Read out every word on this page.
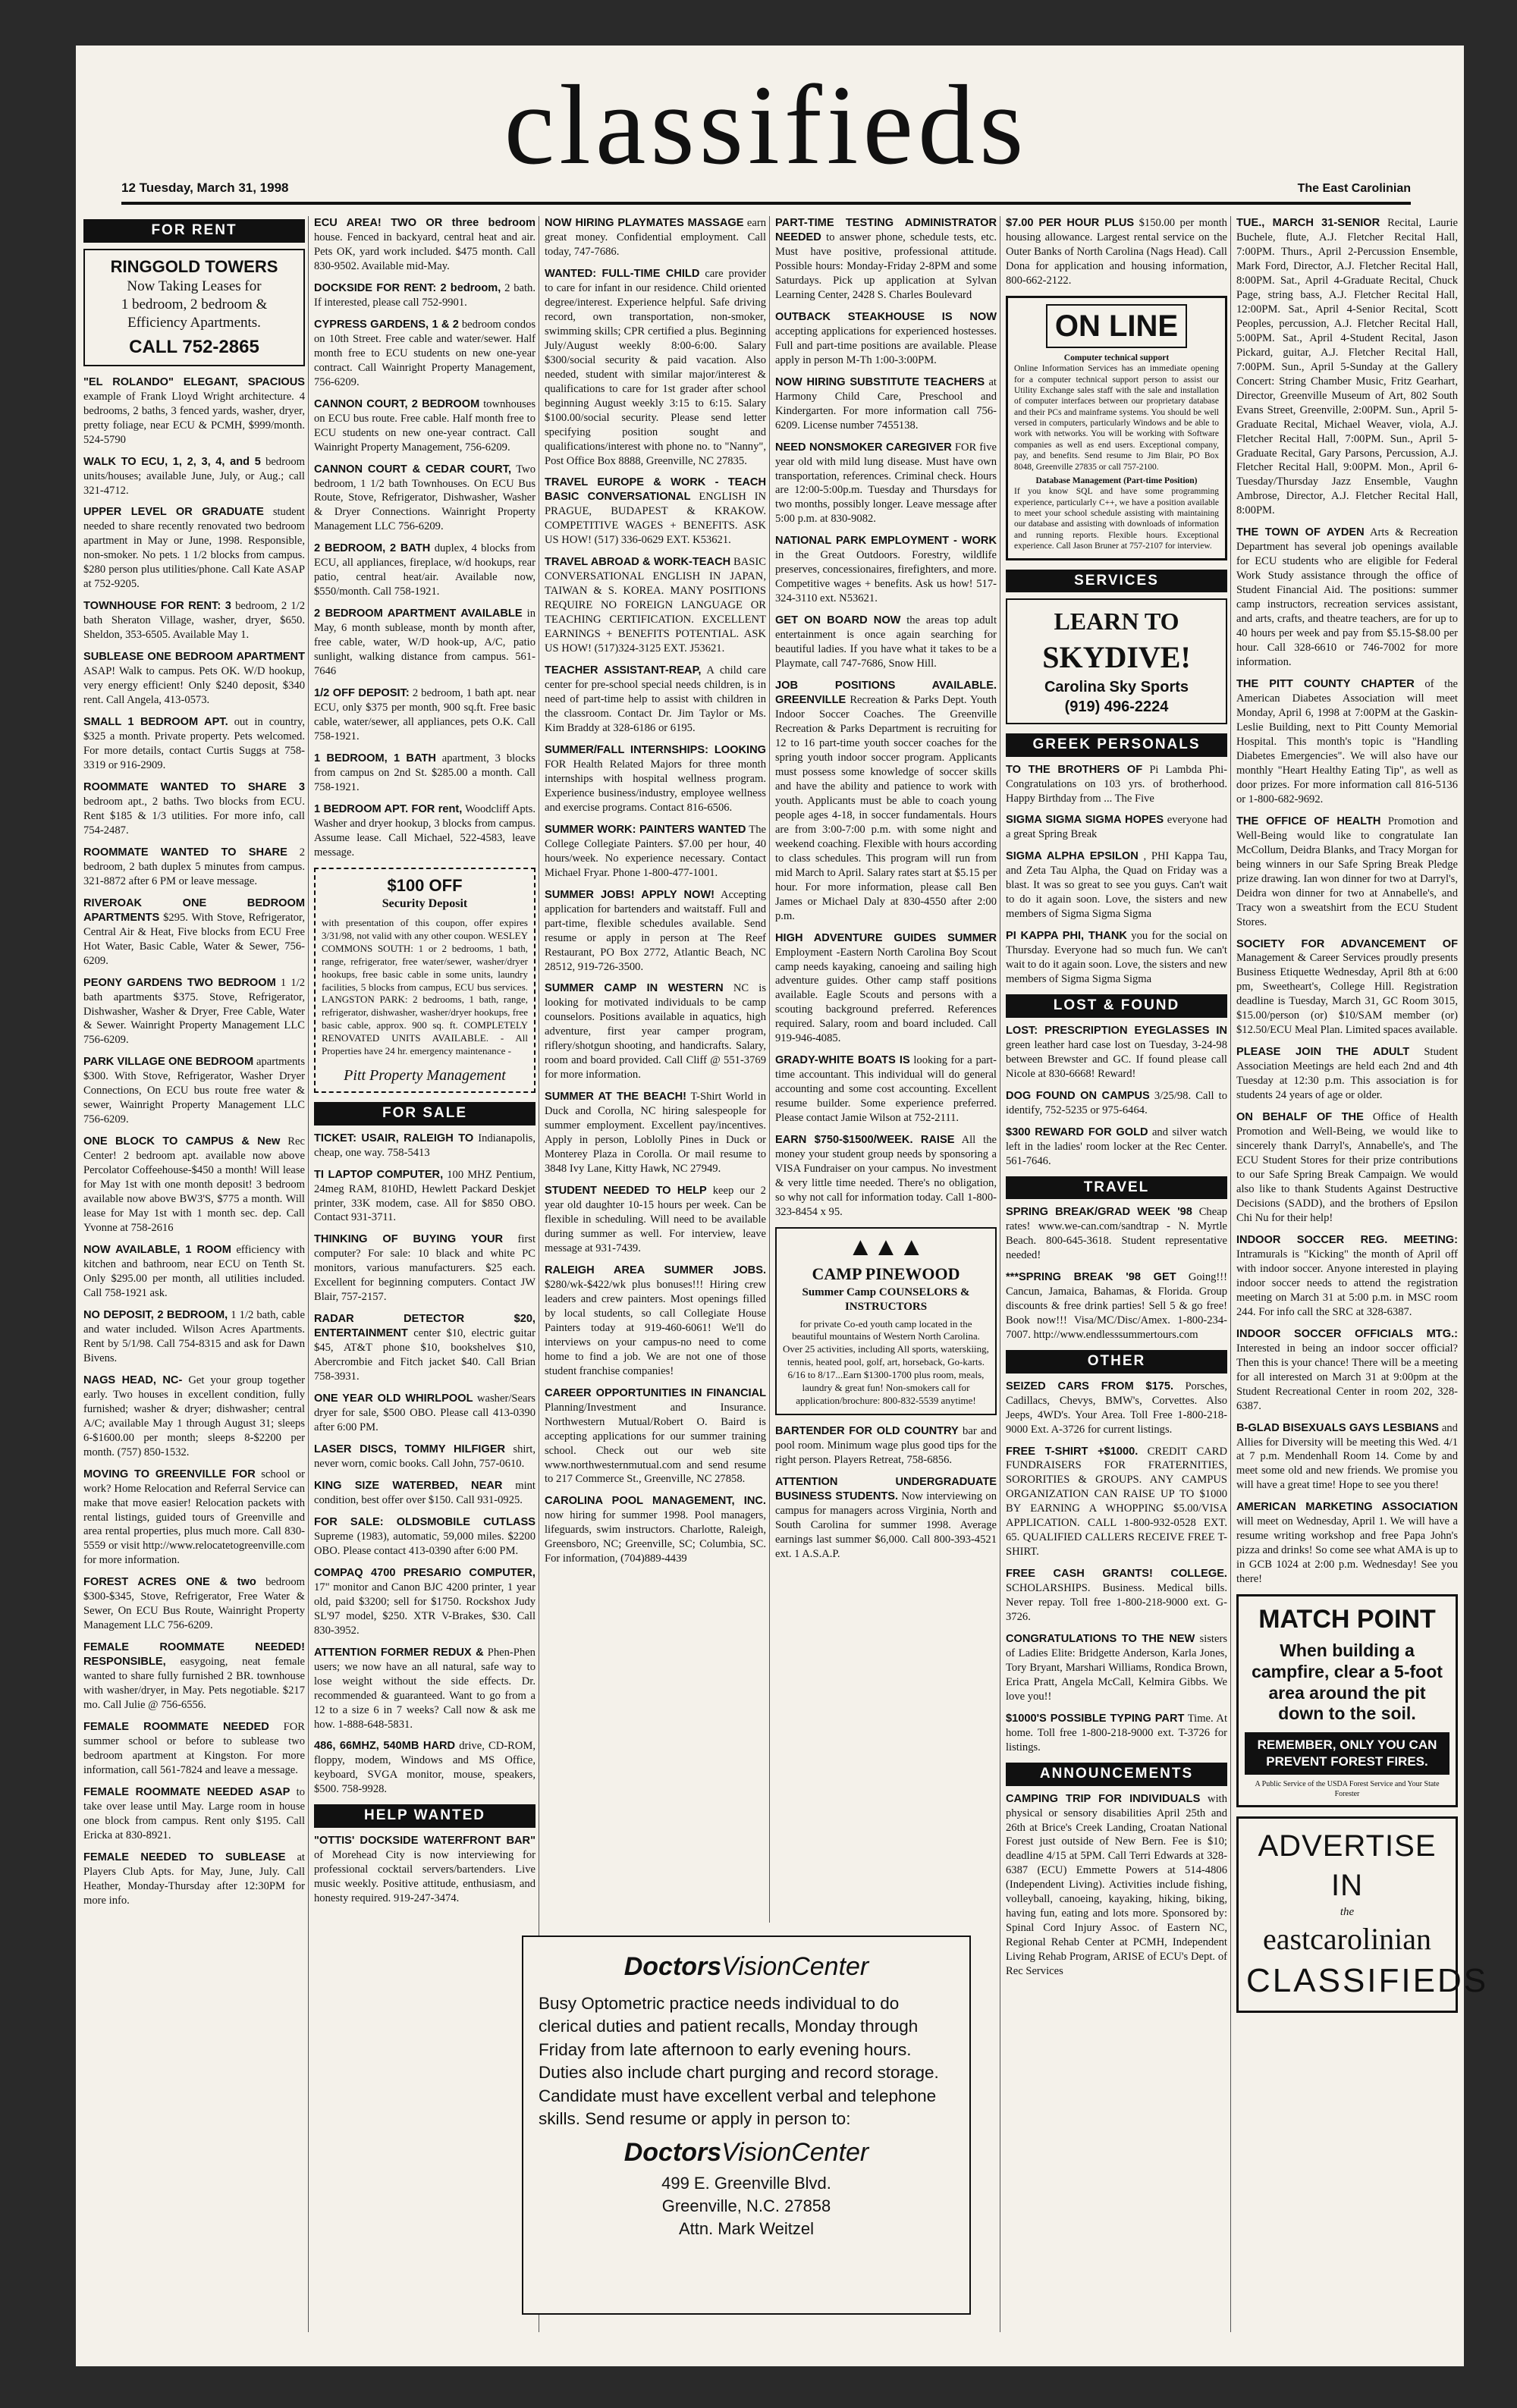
classifieds
12 Tuesday, March 31, 1998	The East Carolinian
FOR RENT
RINGGOLD TOWERS
Now Taking Leases for
1 bedroom, 2 bedroom &
Efficiency Apartments.
CALL 752-2865

"EL ROLANDO" ELEGANT, SPACIOUS example of Frank Lloyd Wright architecture. 4 bedrooms, 2 baths, 3 fenced yards, washer, dryer, pretty foliage, near ECU & PCMH, $999/month. 524-5790

WALK TO ECU, 1, 2, 3, 4, and 5 bedroom units/houses; available June, July, or Aug.; call 321-4712.

UPPER LEVEL OR GRADUATE student needed to share recently renovated two bedroom apartment in May or June, 1998. Responsible, non-smoker. No pets. 1 1/2 blocks from campus. $280 person plus utilities/phone. Call Kate ASAP at 752-9205.

TOWNHOUSE FOR RENT: 3 bedroom, 2 1/2 bath Sheraton Village, washer, dryer, $650. Sheldon, 353-6505. Available May 1.

SUBLEASE ONE BEDROOM APARTMENT ASAP! Walk to campus. Pets OK. W/D hookup, very energy efficient! Only $240 deposit, $340 rent. Call Angela, 413-0573.

SMALL 1 BEDROOM APT. out in country, $325 a month. Private property. Pets welcomed. For more details, contact Curtis Suggs at 758-3319 or 916-2909.

ROOMMATE WANTED TO SHARE 3 bedroom apt., 2 baths. Two blocks from ECU. Rent $185 & 1/3 utilities. For more info, call 754-2487.

ROOMMATE WANTED TO SHARE 2 bedroom, 2 bath duplex 5 minutes from campus. 321-8872 after 6 PM or leave message.

RIVEROAK ONE BEDROOM APARTMENTS $295. With Stove, Refrigerator, Central Air & Heat, Five blocks from ECU Free Hot Water, Basic Cable, Water & Sewer, 756-6209.

PEONY GARDENS TWO BEDROOM 1 1/2 bath apartments $375. Stove, Refrigerator, Dishwasher, Washer & Dryer, Free Cable, Water & Sewer. Wainright Property Management LLC 756-6209.

PARK VILLAGE ONE BEDROOM apartments $300. With Stove, Refrigerator, Washer Dryer Connections, On ECU bus route free water & sewer, Wainright Property Management LLC 756-6209.

ONE BLOCK TO CAMPUS & New Rec Center! 2 bedroom apt. available now above Percolator Coffeehouse-$450 a month! Will lease for May 1st with one month deposit! 3 bedroom available now above BW3'S, $775 a month. Will lease for May 1st with 1 month sec. dep. Call Yvonne at 758-2616

NOW AVAILABLE, 1 ROOM efficiency with kitchen and bathroom, near ECU on Tenth St. Only $295.00 per month, all utilities included. Call 758-1921 ask.

NO DEPOSIT, 2 BEDROOM, 1 1/2 bath, cable and water included. Wilson Acres Apartments. Rent by 5/1/98. Call 754-8315 and ask for Dawn Bivens.

NAGS HEAD, NC- Get your group together early. Two houses in excellent condition, fully furnished; washer & dryer; dishwasher; central A/C; available May 1 through August 31; sleeps 6-$1600.00 per month; sleeps 8-$2200 per month. (757) 850-1532.

MOVING TO GREENVILLE FOR school or work? Home Relocation and Referral Service can make that move easier! Relocation packets with rental listings, guided tours of Greenville and area rental properties, plus much more. Call 830-5559 or visit http://www.relocatetogreenville.com for more information.

FOREST ACRES ONE & two bedroom $300-$345, Stove, Refrigerator, Free Water & Sewer, On ECU Bus Route, Wainright Property Management LLC 756-6209.

FEMALE ROOMMATE NEEDED! RESPONSIBLE, easygoing, neat female wanted to share fully furnished 2 BR. townhouse with washer/dryer, in May. Pets negotiable. $217 mo. Call Julie @ 756-6556.

FEMALE ROOMMATE NEEDED FOR summer school or before to sublease two bedroom apartment at Kingston. For more information, call 561-7824 and leave a message.

FEMALE ROOMMATE NEEDED ASAP to take over lease until May. Large room in house one block from campus. Rent only $195. Call Ericka at 830-8921.

FEMALE NEEDED TO SUBLEASE at Players Club Apts. for May, June, July. Call Heather, Monday-Thursday after 12:30PM for more info.

ECU AREA! TWO OR three bedroom house. Fenced in backyard, central heat and air. Pets OK, yard work included. $475 month. Call 830-9502. Available mid-May.

DOCKSIDE FOR RENT: 2 bedroom, 2 bath. If interested, please call 752-9901.

CYPRESS GARDENS, 1 & 2 bedroom condos on 10th Street. Free cable and water/sewer. Half month free to ECU students on new one-year contract. Call Wainright Property Management, 756-6209.

CANNON COURT, 2 BEDROOM townhouses on ECU bus route. Free cable. Half month free to ECU students on new one-year contract. Call Wainright Property Management, 756-6209.

CANNON COURT & CEDAR COURT, Two bedroom, 1 1/2 bath Townhouses. On ECU Bus Route, Stove, Refrigerator, Dishwasher, Washer & Dryer Connections. Wainright Property Management LLC 756-6209.

2 BEDROOM, 2 BATH duplex, 4 blocks from ECU, all appliances, fireplace, w/d hookups, rear patio, central heat/air. Available now, $550/month. Call 758-1921.

2 BEDROOM APARTMENT AVAILABLE in May, 6 month sublease, month by month after, free cable, water, W/D hook-up, A/C, patio sunlight, walking distance from campus. 561-7646

1/2 OFF DEPOSIT: 2 bedroom, 1 bath apt. near ECU, only $375 per month, 900 sq.ft. Free basic cable, water/sewer, all appliances, pets O.K. Call 758-1921.

1 BEDROOM, 1 BATH apartment, 3 blocks from campus on 2nd St. $285.00 a month. Call 758-1921.

1 BEDROOM APT. FOR rent, Woodcliff Apts. Washer and dryer hookup, 3 blocks from campus. Assume lease. Call Michael, 522-4583, leave message.

$100 OFF
Security Deposit
with presentation of this coupon, offer expires 3/31/98, not valid with any other coupon. WESLEY COMMONS SOUTH: 1 or 2 bedrooms, 1 bath, range, refrigerator, free water/sewer, washer/dryer hookups, free basic cable in some units, laundry facilities, 5 blocks from campus, ECU bus services. LANGSTON PARK: 2 bedrooms, 1 bath, range, refrigerator, dishwasher, washer/dryer hookups, free basic cable, approx. 900 sq. ft. COMPLETELY RENOVATED UNITS AVAILABLE. - All Properties have 24 hr. emergency maintenance -
Pitt Property Management
FOR SALE

TICKET: USAIR, RALEIGH TO Indianapolis, cheap, one way. 758-5413

TI LAPTOP COMPUTER, 100 MHZ Pentium, 24meg RAM, 810HD, Hewlett Packard Deskjet printer, 33K modem, case. All for $850 OBO. Contact 931-3711.

THINKING OF BUYING YOUR first computer? For sale: 10 black and white PC monitors, various manufacturers. $25 each. Excellent for beginning computers. Contact JW Blair, 757-2157.

RADAR DETECTOR $20, ENTERTAINMENT center $10, electric guitar $45, AT&T phone $10, bookshelves $10, Abercrombie and Fitch jacket $40. Call Brian 758-3931.

ONE YEAR OLD WHIRLPOOL washer/Sears dryer for sale, $500 OBO. Please call 413-0390 after 6:00 PM.

LASER DISCS, TOMMY HILFIGER shirt, never worn, comic books. Call John, 757-0610.

KING SIZE WATERBED, NEAR mint condition, best offer over $150. Call 931-0925.

FOR SALE: OLDSMOBILE CUTLASS Supreme (1983), automatic, 59,000 miles. $2200 OBO. Please contact 413-0390 after 6:00 PM.

COMPAQ 4700 PRESARIO COMPUTER, 17" monitor and Canon BJC 4200 printer, 1 year old, paid $3200; sell for $1750. Rockshox Judy SL'97 model, $250. XTR V-Brakes, $30. Call 830-3952.

ATTENTION FORMER REDUX & Phen-Phen users; we now have an all natural, safe way to lose weight without the side effects. Dr. recommended & guaranteed. Want to go from a 12 to a size 6 in 7 weeks? Call now & ask me how. 1-888-648-5831.

486, 66MHZ, 540MB HARD drive, CD-ROM, floppy, modem, Windows and MS Office, keyboard, SVGA monitor, mouse, speakers, $500. 758-9928.

HELP WANTED

"OTTIS' DOCKSIDE WATERFRONT BAR" of Morehead City is now interviewing for professional cocktail servers/bartenders. Live music weekly. Positive attitude, enthusiasm, and honesty required. 919-247-3474.

NOW HIRING PLAYMATES MASSAGE earn great money. Confidential employment. Call today, 747-7686.

WANTED: FULL-TIME CHILD care provider to care for infant in our residence. Child oriented degree/interest. Experience helpful. Safe driving record, own transportation, non-smoker, swimming skills; CPR certified a plus. Beginning July/August weekly 8:00-6:00. Salary $300/social security & paid vacation. Also needed, student with similar major/interest & qualifications to care for 1st grader after school beginning August weekly 3:15 to 6:15. Salary $100.00/social security. Please send letter specifying position sought and qualifications/interest with phone no. to "Nanny", Post Office Box 8888, Greenville, NC 27835.

TRAVEL EUROPE & WORK - TEACH BASIC CONVERSATIONAL ENGLISH IN PRAGUE, BUDAPEST & KRAKOW. COMPETITIVE WAGES + BENEFITS. ASK US HOW! (517) 336-0629 EXT. K53621.

TRAVEL ABROAD & WORK-TEACH BASIC CONVERSATIONAL ENGLISH IN JAPAN, TAIWAN & S. KOREA. MANY POSITIONS REQUIRE NO FOREIGN LANGUAGE OR TEACHING CERTIFICATION. EXCELLENT EARNINGS + BENEFITS POTENTIAL. ASK US HOW! (517)324-3125 EXT. J53621.

TEACHER ASSISTANT-REAP, A child care center for pre-school special needs children, is in need of part-time help to assist with children in the classroom. Contact Dr. Jim Taylor or Ms. Kim Braddy at 328-6186 or 6195.

SUMMER/FALL INTERNSHIPS: LOOKING FOR Health Related Majors for three month internships with hospital wellness program. Experience business/industry, employee wellness and exercise programs. Contact 816-6506.

SUMMER WORK: PAINTERS WANTED The College Collegiate Painters. $7.00 per hour, 40 hours/week. No experience necessary. Contact Michael Fryar. Phone 1-800-477-1001.

SUMMER JOBS! APPLY NOW! Accepting application for bartenders and waitstaff. Full and part-time, flexible schedules available. Send resume or apply in person at The Reef Restaurant, PO Box 2772, Atlantic Beach, NC 28512, 919-726-3500.

SUMMER CAMP IN WESTERN NC is looking for motivated individuals to be camp counselors. Positions available in aquatics, high adventure, first year camper program, riflery/shotgun shooting, and handicrafts. Salary, room and board provided. Call Cliff @ 551-3769 for more information.

SUMMER AT THE BEACH! T-Shirt World in Duck and Corolla, NC hiring salespeople for summer employment. Excellent pay/incentives. Apply in person, Loblolly Pines in Duck or Monterey Plaza in Corolla. Or mail resume to 3848 Ivy Lane, Kitty Hawk, NC 27949.

STUDENT NEEDED TO HELP keep our 2 year old daughter 10-15 hours per week. Can be flexible in scheduling. Will need to be available during summer as well. For interview, leave message at 931-7439.

RALEIGH AREA SUMMER JOBS. $280/wk-$422/wk plus bonuses!!! Hiring crew leaders and crew painters. Most openings filled by local students, so call Collegiate House Painters today at 919-460-6061! We'll do interviews on your campus-no need to come home to find a job. We are not one of those student franchise companies!

CAREER OPPORTUNITIES IN FINANCIAL Planning/Investment and Insurance. Northwestern Mutual/Robert O. Baird is accepting applications for our summer training school. Check out our web site www.northwesternmutual.com and send resume to 217 Commerce St., Greenville, NC 27858.

CAROLINA POOL MANAGEMENT, INC. now hiring for summer 1998. Pool managers, lifeguards, swim instructors. Charlotte, Raleigh, Greensboro, NC; Greenville, SC; Columbia, SC. For information, (704)889-4439

PART-TIME TESTING ADMINISTRATOR NEEDED to answer phone, schedule tests, etc. Must have positive, professional attitude. Possible hours: Monday-Friday 2-8PM and some Saturdays. Pick up application at Sylvan Learning Center, 2428 S. Charles Boulevard

OUTBACK STEAKHOUSE IS NOW accepting applications for experienced hostesses. Full and part-time positions are available. Please apply in person M-Th 1:00-3:00PM.

NOW HIRING SUBSTITUTE TEACHERS at Harmony Child Care, Preschool and Kindergarten. For more information call 756-6209. License number 7455138.

NEED NONSMOKER CAREGIVER FOR five year old with mild lung disease. Must have own transportation, references. Criminal check. Hours are 12:00-5:00p.m. Tuesday and Thursdays for two months, possibly longer. Leave message after 5:00 p.m. at 830-9082.

NATIONAL PARK EMPLOYMENT - WORK in the Great Outdoors. Forestry, wildlife preserves, concessionaires, firefighters, and more. Competitive wages + benefits. Ask us how! 517-324-3110 ext. N53621.

GET ON BOARD NOW the areas top adult entertainment is once again searching for beautiful ladies. If you have what it takes to be a Playmate, call 747-7686, Snow Hill.

JOB POSITIONS AVAILABLE. GREENVILLE Recreation & Parks Dept. Youth Indoor Soccer Coaches. The Greenville Recreation & Parks Department is recruiting for 12 to 16 part-time youth soccer coaches for the spring youth indoor soccer program. Applicants must possess some knowledge of soccer skills and have the ability and patience to work with youth. Applicants must be able to coach young people ages 4-18, in soccer fundamentals. Hours are from 3:00-7:00 p.m. with some night and weekend coaching. Flexible with hours according to class schedules. This program will run from mid March to April. Salary rates start at $5.15 per hour. For more information, please call Ben James or Michael Daly at 830-4550 after 2:00 p.m.

HIGH ADVENTURE GUIDES SUMMER Employment -Eastern North Carolina Boy Scout camp needs kayaking, canoeing and sailing high adventure guides. Other camp staff positions available. Eagle Scouts and persons with a scouting background preferred. References required. Salary, room and board included. Call 919-946-4085.

GRADY-WHITE BOATS IS looking for a part-time accountant. This individual will do general accounting and some cost accounting. Excellent resume builder. Some experience preferred. Please contact Jamie Wilson at 752-2111.

EARN $750-$1500/WEEK. RAISE All the money your student group needs by sponsoring a VISA Fundraiser on your campus. No investment & very little time needed. There's no obligation, so why not call for information today. Call 1-800-323-8454 x 95.

▲▲▲
CAMP PINEWOOD
Summer Camp COUNSELORS & INSTRUCTORS
for private Co-ed youth camp located in the beautiful mountains of Western North Carolina. Over 25 activities, including All sports, waterskiing, tennis, heated pool, golf, art, horseback, Go-karts. 6/16 to 8/17...Earn $1300-1700 plus room, meals, laundry & great fun! Non-smokers call for application/brochure: 800-832-5539 anytime!

BARTENDER FOR OLD COUNTRY bar and pool room. Minimum wage plus good tips for the right person. Players Retreat, 758-6856.

ATTENTION UNDERGRADUATE BUSINESS STUDENTS. Now interviewing on campus for managers across Virginia, North and South Carolina for summer 1998. Average earnings last summer $6,000. Call 800-393-4521 ext. 1 A.S.A.P.

$7.00 PER HOUR PLUS $150.00 per month housing allowance. Largest rental service on the Outer Banks of North Carolina (Nags Head). Call Dona for application and housing information, 800-662-2122.

ON LINE
Computer technical support
Online Information Services has an immediate opening for a computer technical support person to assist our Utility Exchange sales staff with the sale and installation of computer interfaces between our proprietary database and their PCs and mainframe systems. You should be well versed in computers, particularly Windows and be able to work with networks. You will be working with Software companies as well as end users. Exceptional company, pay, and benefits. Send resume to Jim Blair, PO Box 8048, Greenville 27835 or call 757-2100.
Database Management (Part-time Position)
If you know SQL and have some programming experience, particularly C++, we have a position available to meet your school schedule assisting with maintaining our database and assisting with downloads of information and running reports. Flexible hours. Exceptional experience. Call Jason Bruner at 757-2107 for interview.
SERVICES
LEARN TO
SKYDIVE!
Carolina Sky Sports
(919) 496-2224
GREEK PERSONALS

TO THE BROTHERS OF Pi Lambda Phi- Congratulations on 103 yrs. of brotherhood. Happy Birthday from ... The Five

SIGMA SIGMA SIGMA HOPES everyone had a great Spring Break

SIGMA ALPHA EPSILON , PHI Kappa Tau, and Zeta Tau Alpha, the Quad on Friday was a blast. It was so great to see you guys. Can't wait to do it again soon. Love, the sisters and new members of Sigma Sigma Sigma

PI KAPPA PHI, THANK you for the social on Thursday. Everyone had so much fun. We can't wait to do it again soon. Love, the sisters and new members of Sigma Sigma Sigma

LOST & FOUND

LOST: PRESCRIPTION EYEGLASSES IN green leather hard case lost on Tuesday, 3-24-98 between Brewster and GC. If found please call Nicole at 830-6668! Reward!

DOG FOUND ON CAMPUS 3/25/98. Call to identify, 752-5235 or 975-6464.

$300 REWARD FOR GOLD and silver watch left in the ladies' room locker at the Rec Center. 561-7646.

TRAVEL

SPRING BREAK/GRAD WEEK '98 Cheap rates! www.we-can.com/sandtrap - N. Myrtle Beach. 800-645-3618. Student representative needed!

***SPRING BREAK '98 GET Going!!! Cancun, Jamaica, Bahamas, & Florida. Group discounts & free drink parties! Sell 5 & go free! Book now!!! Visa/MC/Disc/Amex. 1-800-234-7007. http://www.endlesssummertours.com

OTHER

SEIZED CARS FROM $175. Porsches, Cadillacs, Chevys, BMW's, Corvettes. Also Jeeps, 4WD's. Your Area. Toll Free 1-800-218-9000 Ext. A-3726 for current listings.

FREE T-SHIRT +$1000. CREDIT CARD FUNDRAISERS FOR FRATERNITIES, SORORITIES & GROUPS. ANY CAMPUS ORGANIZATION CAN RAISE UP TO $1000 BY EARNING A WHOPPING $5.00/VISA APPLICATION. CALL 1-800-932-0528 EXT. 65. QUALIFIED CALLERS RECEIVE FREE T-SHIRT.

FREE CASH GRANTS! COLLEGE. SCHOLARSHIPS. Business. Medical bills. Never repay. Toll free 1-800-218-9000 ext. G-3726.

CONGRATULATIONS TO THE NEW sisters of Ladies Elite: Bridgette Anderson, Karla Jones, Tory Bryant, Marshari Williams, Rondica Brown, Erica Pratt, Angela McCall, Kelmira Gibbs. We love you!!

$1000'S POSSIBLE TYPING PART Time. At home. Toll free 1-800-218-9000 ext. T-3726 for listings.

ANNOUNCEMENTS

CAMPING TRIP FOR INDIVIDUALS with physical or sensory disabilities April 25th and 26th at Brice's Creek Landing, Croatan National Forest just outside of New Bern. Fee is $10; deadline 4/15 at 5PM. Call Terri Edwards at 328-6387 (ECU) Emmette Powers at 514-4806 (Independent Living). Activities include fishing, volleyball, canoeing, kayaking, hiking, biking, having fun, eating and lots more. Sponsored by: Spinal Cord Injury Assoc. of Eastern NC, Regional Rehab Center at PCMH, Independent Living Rehab Program, ARISE of ECU's Dept. of Rec Services

TUE., MARCH 31-SENIOR Recital, Laurie Buchele, flute, A.J. Fletcher Recital Hall, 7:00PM. Thurs., April 2-Percussion Ensemble, Mark Ford, Director, A.J. Fletcher Recital Hall, 8:00PM. Sat., April 4-Graduate Recital, Chuck Page, string bass, A.J. Fletcher Recital Hall, 12:00PM. Sat., April 4-Senior Recital, Scott Peoples, percussion, A.J. Fletcher Recital Hall, 5:00PM. Sat., April 4-Student Recital, Jason Pickard, guitar, A.J. Fletcher Recital Hall, 7:00PM. Sun., April 5-Sunday at the Gallery Concert: String Chamber Music, Fritz Gearhart, Director, Greenville Museum of Art, 802 South Evans Street, Greenville, 2:00PM. Sun., April 5-Graduate Recital, Michael Weaver, viola, A.J. Fletcher Recital Hall, 7:00PM. Sun., April 5-Graduate Recital, Gary Parsons, Percussion, A.J. Fletcher Recital Hall, 9:00PM. Mon., April 6-Tuesday/Thursday Jazz Ensemble, Vaughn Ambrose, Director, A.J. Fletcher Recital Hall, 8:00PM.

THE TOWN OF AYDEN Arts & Recreation Department has several job openings available for ECU students who are eligible for Federal Work Study assistance through the office of Student Financial Aid. The positions: summer camp instructors, recreation services assistant, and arts, crafts, and theatre teachers, are for up to 40 hours per week and pay from $5.15-$8.00 per hour. Call 328-6610 or 746-7002 for more information.

THE PITT COUNTY CHAPTER of the American Diabetes Association will meet Monday, April 6, 1998 at 7:00PM at the Gaskin-Leslie Building, next to Pitt County Memorial Hospital. This month's topic is "Handling Diabetes Emergencies". We will also have our monthly "Heart Healthy Eating Tip", as well as door prizes. For more information call 816-5136 or 1-800-682-9692.

THE OFFICE OF HEALTH Promotion and Well-Being would like to congratulate Ian McCollum, Deidra Blanks, and Tracy Morgan for being winners in our Safe Spring Break Pledge prize drawing. Ian won dinner for two at Darryl's, Deidra won dinner for two at Annabelle's, and Tracy won a sweatshirt from the ECU Student Stores.

SOCIETY FOR ADVANCEMENT OF Management & Career Services proudly presents Business Etiquette Wednesday, April 8th at 6:00 pm, Sweetheart's, College Hill. Registration deadline is Tuesday, March 31, GC Room 3015, $15.00/person (or) $10/SAM member (or) $12.50/ECU Meal Plan. Limited spaces available.

PLEASE JOIN THE ADULT Student Association Meetings are held each 2nd and 4th Tuesday at 12:30 p.m. This association is for students 24 years of age or older.

ON BEHALF OF THE Office of Health Promotion and Well-Being, we would like to sincerely thank Darryl's, Annabelle's, and The ECU Student Stores for their prize contributions to our Safe Spring Break Campaign. We would also like to thank Students Against Destructive Decisions (SADD), and the brothers of Epsilon Chi Nu for their help!

INDOOR SOCCER REG. MEETING: Intramurals is "Kicking" the month of April off with indoor soccer. Anyone interested in playing indoor soccer needs to attend the registration meeting on March 31 at 5:00 p.m. in MSC room 244. For info call the SRC at 328-6387.

INDOOR SOCCER OFFICIALS MTG.: Interested in being an indoor soccer official? Then this is your chance! There will be a meeting for all interested on March 31 at 9:00pm at the Student Recreational Center in room 202, 328-6387.

B-GLAD BISEXUALS GAYS LESBIANS and Allies for Diversity will be meeting this Wed. 4/1 at 7 p.m. Mendenhall Room 14. Come by and meet some old and new friends. We promise you will have a great time! Hope to see you there!

AMERICAN MARKETING ASSOCIATION will meet on Wednesday, April 1. We will have a resume writing workshop and free Papa John's pizza and drinks! So come see what AMA is up to in GCB 1024 at 2:00 p.m. Wednesday! See you there!

MATCH POINT
When building a campfire, clear a 5-foot area around the pit down to the soil.
REMEMBER, ONLY YOU CAN PREVENT FOREST FIRES.
A Public Service of the USDA Forest Service and Your State Forester
ADVERTISE IN
the
eastcarolinian
CLASSIFIEDS
DoctorsVisionCenter
Busy Optometric practice needs individual to do clerical duties and patient recalls, Monday through Friday from late afternoon to early evening hours. Duties also include chart purging and record storage. Candidate must have excellent verbal and telephone skills. Send resume or apply in person to:
DoctorsVisionCenter
499 E. Greenville Blvd.
Greenville, N.C. 27858
Attn. Mark Weitzel
